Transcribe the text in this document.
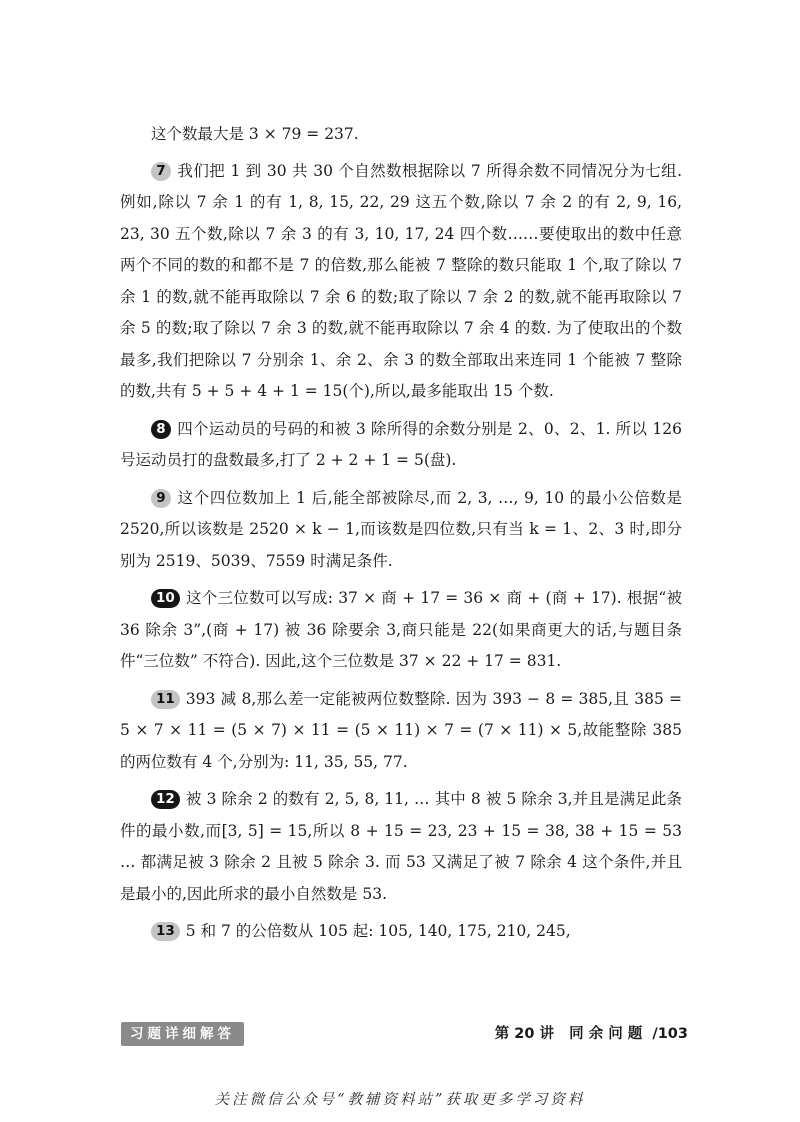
这个数最大是 3 × 79 = 237.

7 我们把 1 到 30 共 30 个自然数根据除以 7 所得余数不同情况分为七组.例如,除以 7 余 1 的有 1, 8, 15, 22, 29 这五个数,除以 7 余 2 的有 2, 9, 16, 23, 30 五个数,除以 7 余 3 的有 3, 10, 17, 24 四个数……要使取出的数中任意两个不同的数的和都不是 7 的倍数,那么能被 7 整除的数只能取 1 个,取了除以 7 余 1 的数,就不能再取除以 7 余 6 的数;取了除以 7 余 2 的数,就不能再取除以 7 余 5 的数;取了除以 7 余 3 的数,就不能再取除以 7 余 4 的数. 为了使取出的个数最多,我们把除以 7 分别余 1、余 2、余 3 的数全部取出来连同 1 个能被 7 整除的数,共有 5 + 5 + 4 + 1 = 15(个),所以,最多能取出 15 个数.

8 四个运动员的号码的和被 3 除所得的余数分别是 2、0、2、1. 所以 126 号运动员打的盘数最多,打了 2 + 2 + 1 = 5(盘).

9 这个四位数加上 1 后,能全部被除尽,而 2, 3, …, 9, 10 的最小公倍数是 2520,所以该数是 2520 × k − 1,而该数是四位数,只有当 k = 1、2、3 时,即分别为 2519、5039、7559 时满足条件.

10 这个三位数可以写成: 37 × 商 + 17 = 36 × 商 + (商 + 17). 根据“被 36 除余 3”,(商 + 17) 被 36 除要余 3,商只能是 22(如果商更大的话,与题目条件“三位数” 不符合). 因此,这个三位数是 37 × 22 + 17 = 831.

11 393 减 8,那么差一定能被两位数整除. 因为 393 − 8 = 385,且 385 = 5 × 7 × 11 = (5 × 7) × 11 = (5 × 11) × 7 = (7 × 11) × 5,故能整除 385 的两位数有 4 个,分别为: 11, 35, 55, 77.

12 被 3 除余 2 的数有 2, 5, 8, 11, … 其中 8 被 5 除余 3,并且是满足此条件的最小数,而[3, 5] = 15,所以 8 + 15 = 23, 23 + 15 = 38, 38 + 15 = 53 … 都满足被 3 除余 2 且被 5 除余 3. 而 53 又满足了被 7 除余 4 这个条件,并且是最小的,因此所求的最小自然数是 53.

13 5 和 7 的公倍数从 105 起: 105, 140, 175, 210, 245,

习题详细解答	第 20 讲 同 余 问 题 /103
关注微信公众号“教辅资料站”获取更多学习资料
